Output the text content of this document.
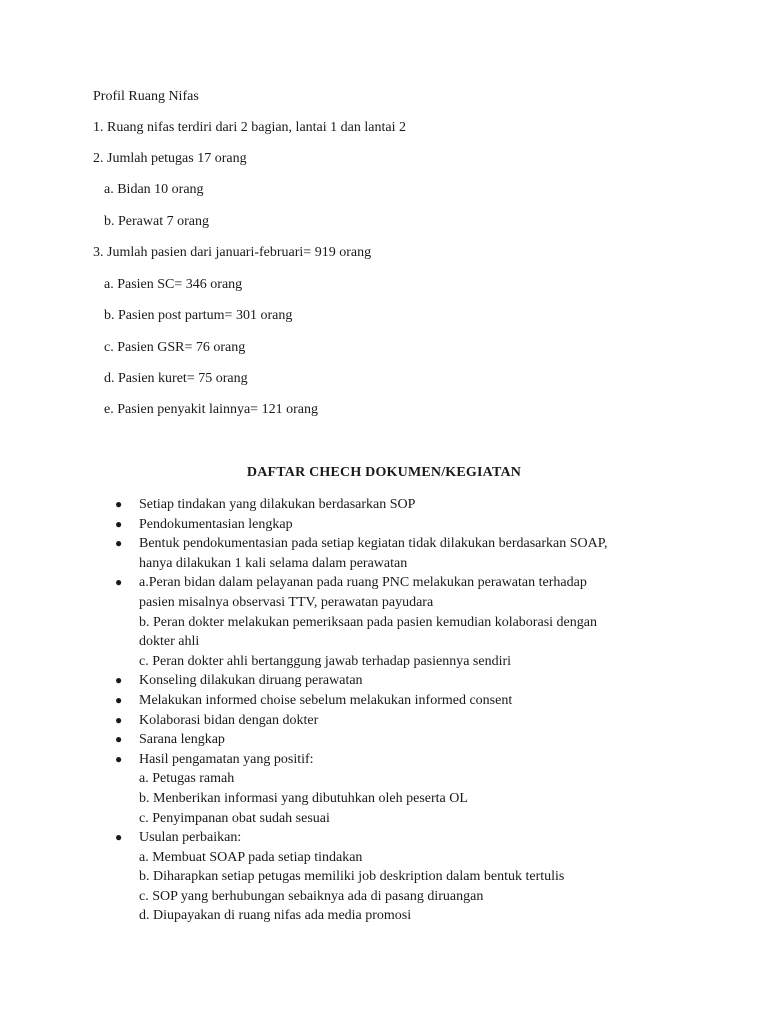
Profil Ruang Nifas
1. Ruang nifas terdiri dari 2 bagian, lantai 1 dan lantai 2
2. Jumlah petugas 17 orang
a. Bidan 10 orang
b. Perawat 7 orang
3. Jumlah pasien dari januari-februari= 919 orang
a. Pasien SC= 346 orang
b. Pasien post partum= 301 orang
c. Pasien GSR= 76 orang
d. Pasien kuret= 75 orang
e. Pasien penyakit lainnya= 121 orang
DAFTAR CHECH DOKUMEN/KEGIATAN
● Setiap tindakan yang dilakukan berdasarkan SOP
● Pendokumentasian lengkap
● Bentuk pendokumentasian pada setiap kegiatan tidak dilakukan berdasarkan SOAP,
hanya dilakukan 1 kali selama dalam perawatan
● a.Peran bidan dalam pelayanan pada ruang PNC melakukan perawatan terhadap
pasien misalnya observasi TTV, perawatan payudara
b. Peran dokter melakukan pemeriksaan pada pasien kemudian kolaborasi dengan
dokter ahli
c. Peran dokter ahli bertanggung jawab terhadap pasiennya sendiri
● Konseling dilakukan diruang perawatan
● Melakukan informed choise sebelum melakukan informed consent
● Kolaborasi bidan dengan dokter
● Sarana lengkap
● Hasil pengamatan yang positif:
a. Petugas ramah
b. Menberikan informasi yang dibutuhkan oleh peserta OL
c. Penyimpanan obat sudah sesuai
● Usulan perbaikan:
a. Membuat SOAP pada setiap tindakan
b. Diharapkan setiap petugas memiliki job deskription dalam bentuk tertulis
c. SOP yang berhubungan sebaiknya ada di pasang diruangan
d. Diupayakan di ruang nifas ada media promosi
